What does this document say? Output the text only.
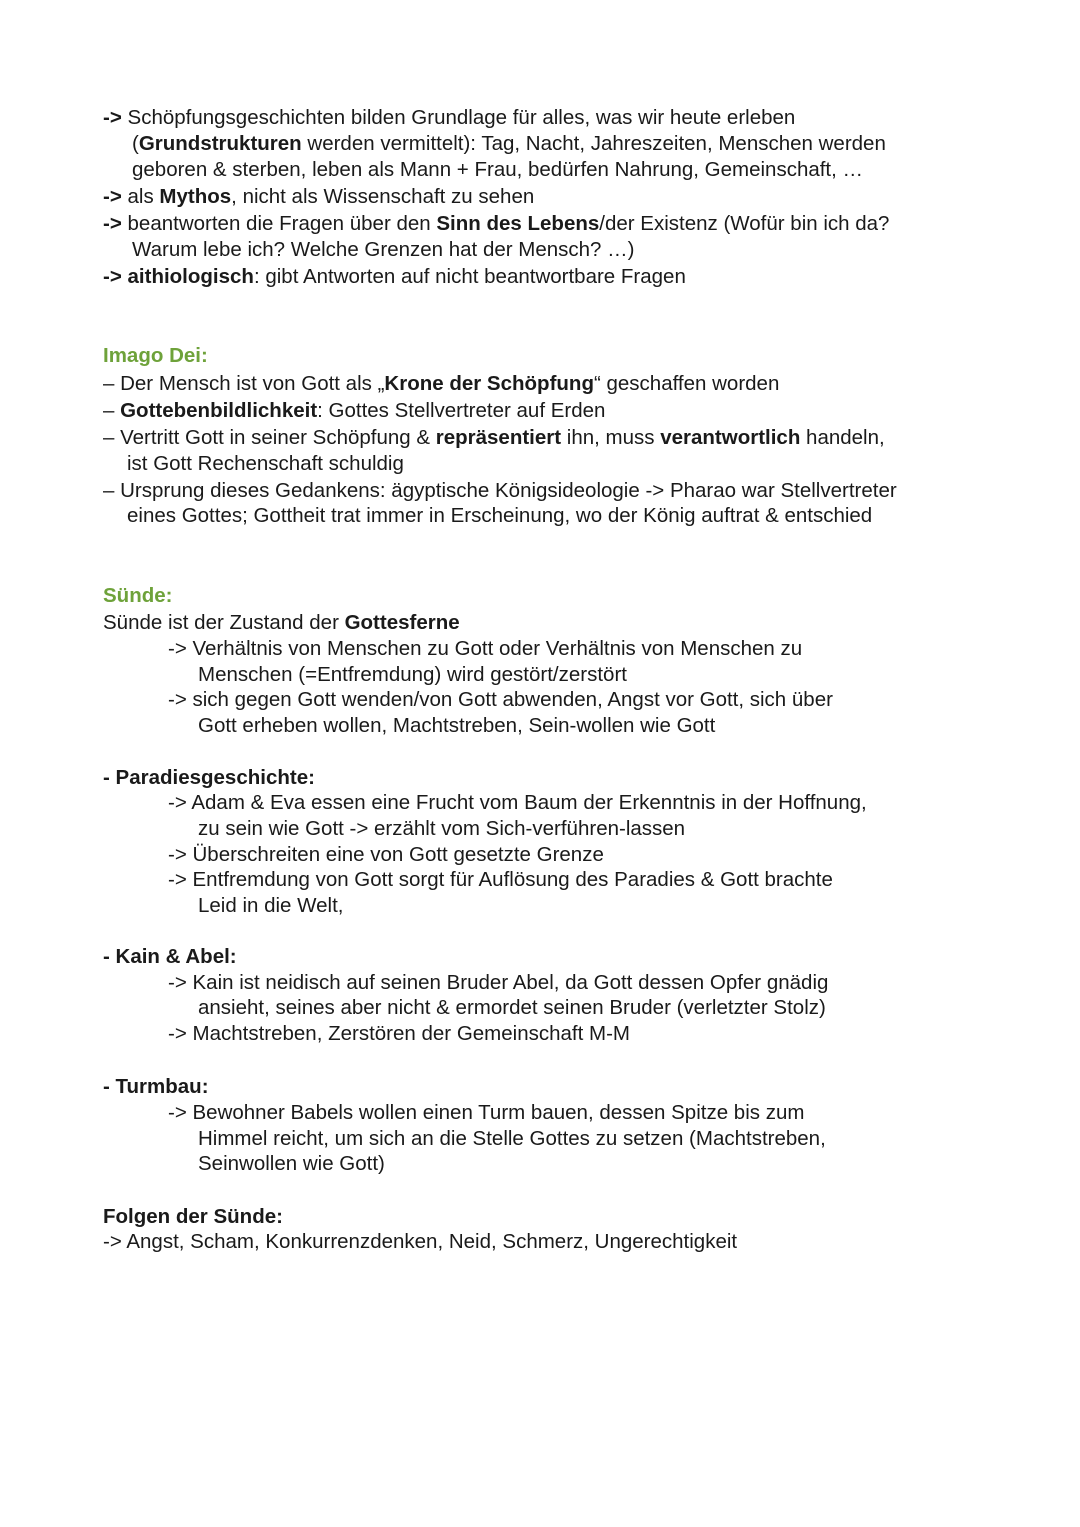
-> Schöpfungsgeschichten bilden Grundlage für alles, was wir heute erleben
(Grundstrukturen werden vermittelt): Tag, Nacht, Jahreszeiten, Menschen werden
geboren & sterben, leben als Mann + Frau, bedürfen Nahrung, Gemeinschaft, …
-> als Mythos, nicht als Wissenschaft zu sehen
-> beantworten die Fragen über den Sinn des Lebens/der Existenz (Wofür bin ich da?
Warum lebe ich? Welche Grenzen hat der Mensch? …)
-> aithiologisch: gibt Antworten auf nicht beantwortbare Fragen
Imago Dei:
– Der Mensch ist von Gott als „Krone der Schöpfung“ geschaffen worden
– Gottebenbildlichkeit: Gottes Stellvertreter auf Erden
– Vertritt Gott in seiner Schöpfung & repräsentiert ihn, muss verantwortlich handeln,
ist Gott Rechenschaft schuldig
– Ursprung dieses Gedankens: ägyptische Königsideologie -> Pharao war Stellvertreter
eines Gottes; Gottheit trat immer in Erscheinung, wo der König auftrat & entschied
Sünde:
Sünde ist der Zustand der Gottesferne
-> Verhältnis von Menschen zu Gott oder Verhältnis von Menschen zu
Menschen (=Entfremdung) wird gestört/zerstört
-> sich gegen Gott wenden/von Gott abwenden, Angst vor Gott, sich über
Gott erheben wollen, Machtstreben, Sein-wollen wie Gott
- Paradiesgeschichte:
-> Adam & Eva essen eine Frucht vom Baum der Erkenntnis in der Hoffnung,
zu sein wie Gott -> erzählt vom Sich-verführen-lassen
-> Überschreiten eine von Gott gesetzte Grenze
-> Entfremdung von Gott sorgt für Auflösung des Paradies & Gott brachte
Leid in die Welt,
- Kain & Abel:
-> Kain ist neidisch auf seinen Bruder Abel, da Gott dessen Opfer gnädig
ansieht, seines aber nicht & ermordet seinen Bruder (verletzter Stolz)
-> Machtstreben, Zerstören der Gemeinschaft M-M
- Turmbau:
-> Bewohner Babels wollen einen Turm bauen, dessen Spitze bis zum
Himmel reicht, um sich an die Stelle Gottes zu setzen (Machtstreben,
Seinwollen wie Gott)
Folgen der Sünde:
-> Angst, Scham, Konkurrenzdenken, Neid, Schmerz, Ungerechtigkeit
